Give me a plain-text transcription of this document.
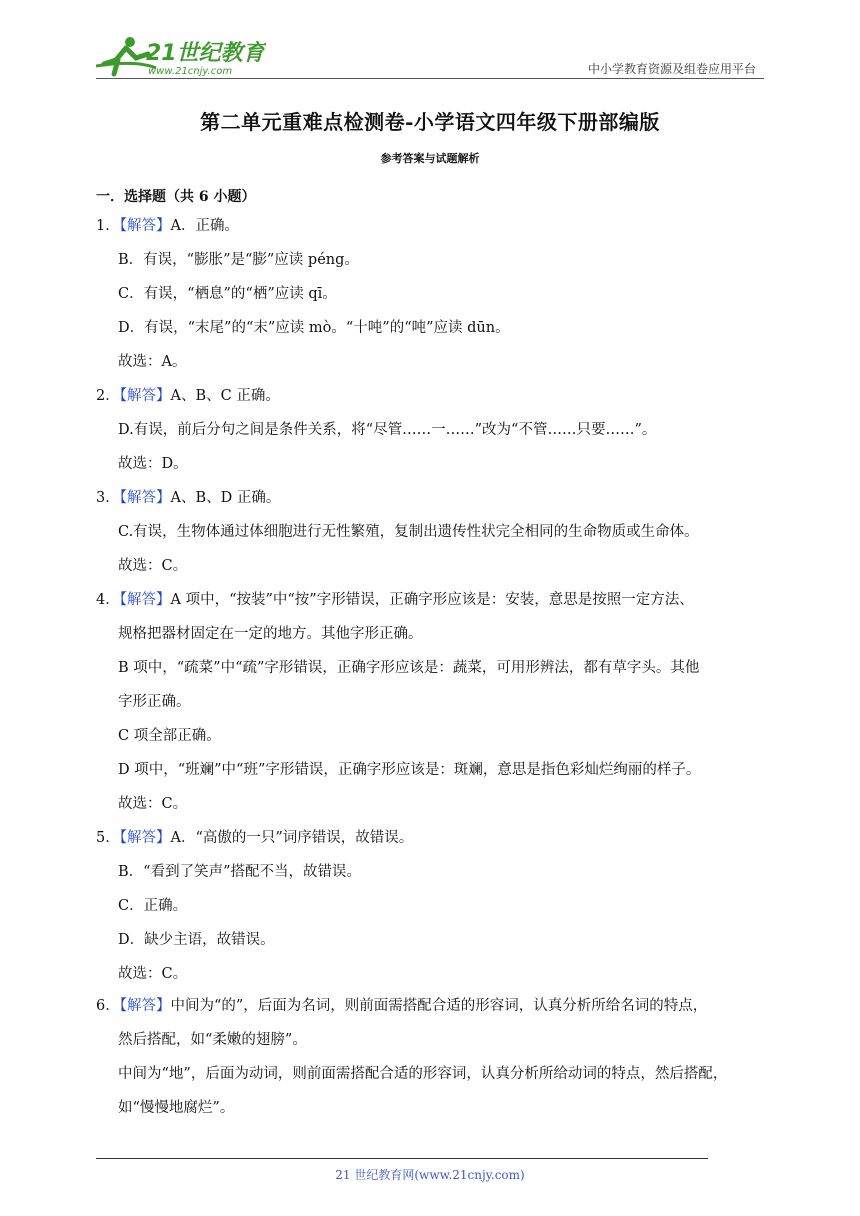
21世纪教育
www.21cnjy.com	中小学教育资源及组卷应用平台
第二单元重难点检测卷-小学语文四年级下册部编版
参考答案与试题解析
一．选择题（共 6 小题）
1．【解答】A．正确。
B．有误，“膨胀”是“膨”应读 péng。
C．有误，“栖息”的“栖”应读 qī。
D．有误，“末尾”的“末”应读 mò。“十吨”的“吨”应读 dūn。
故选：A。
2．【解答】A、B、C 正确。
D.有误，前后分句之间是条件关系，将“尽管……一……”改为“不管……只要……”。
故选：D。
3．【解答】A、B、D 正确。
C.有误，生物体通过体细胞进行无性繁殖，复制出遗传性状完全相同的生命物质或生命体。
故选：C。
4．【解答】A 项中，“按装”中“按”字形错误，正确字形应该是：安装，意思是按照一定方法、
规格把器材固定在一定的地方。其他字形正确。
B 项中，“疏菜”中“疏”字形错误，正确字形应该是：蔬菜，可用形辨法，都有草字头。其他
字形正确。
C 项全部正确。
D 项中，“班斓”中“班”字形错误，正确字形应该是：斑斓，意思是指色彩灿烂绚丽的样子。
故选：C。
5．【解答】A．“高傲的一只”词序错误，故错误。
B．“看到了笑声”搭配不当，故错误。
C．正确。
D．缺少主语，故错误。
故选：C。
6．【解答】中间为“的”，后面为名词，则前面需搭配合适的形容词，认真分析所给名词的特点，
然后搭配，如“柔嫩的翅膀”。
中间为“地”，后面为动词，则前面需搭配合适的形容词，认真分析所给动词的特点，然后搭配，
如“慢慢地腐烂”。
21 世纪教育网(www.21cnjy.com)
